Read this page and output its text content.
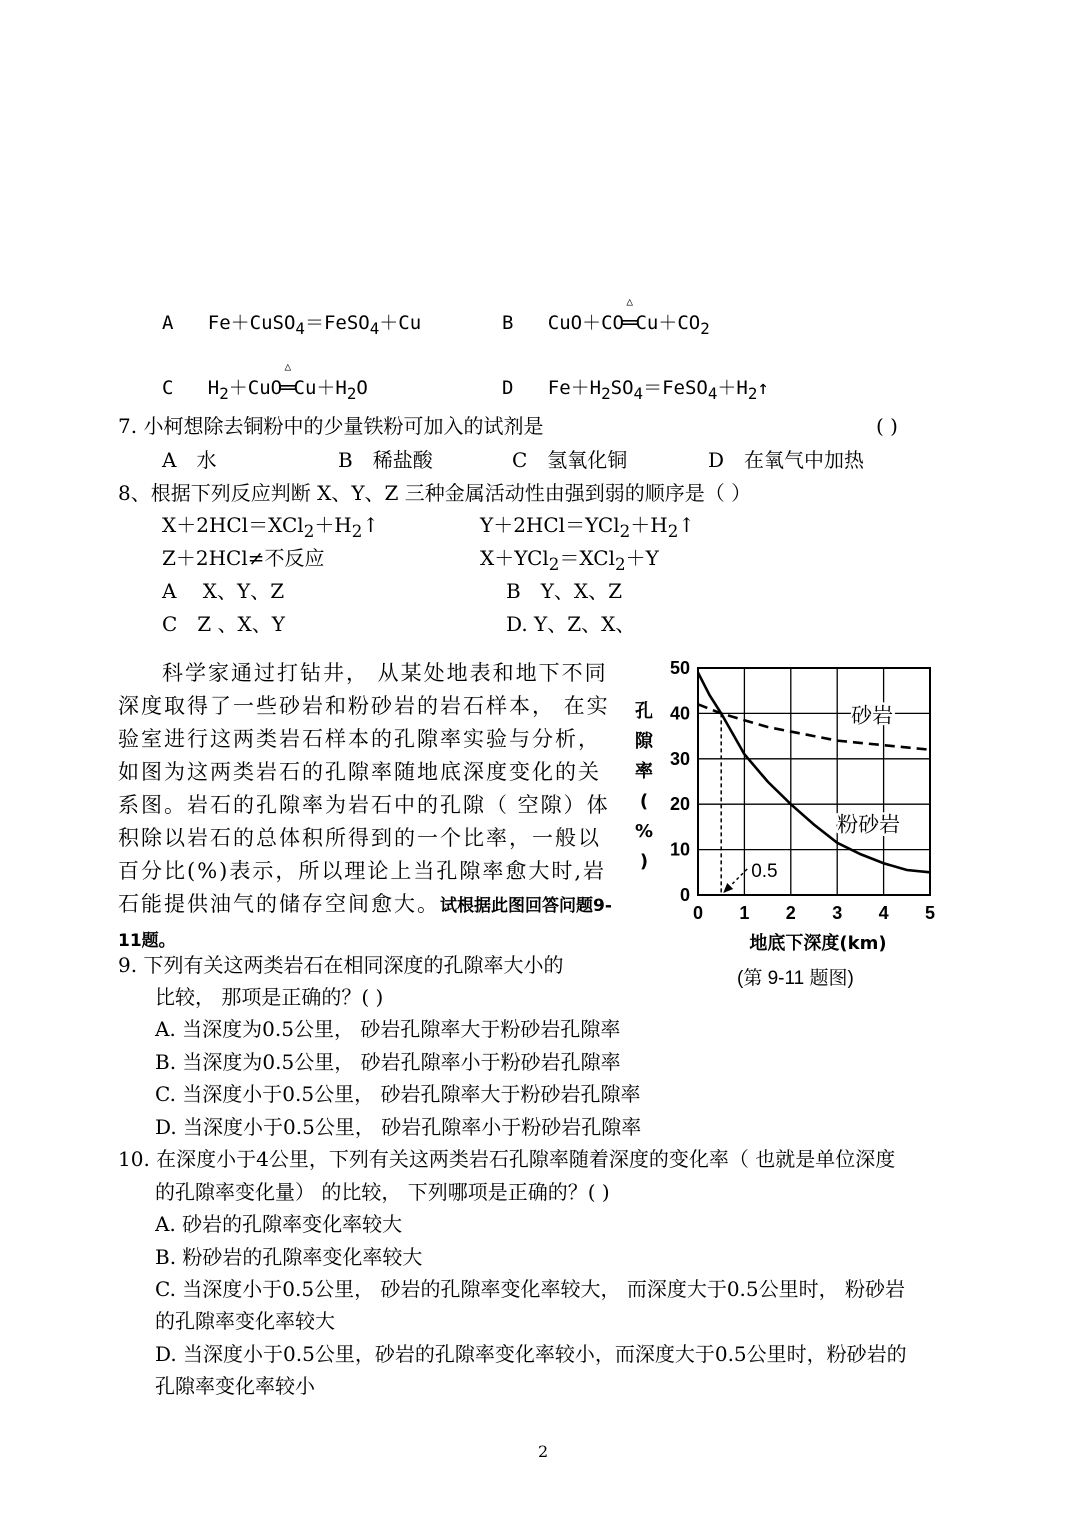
A Fe＋CuSO$_4$＝FeSO$_4$＋Cu	B CuO＋CO
△
$═Cu+CO_2$
C $H_2+CuO$
△
$═Cu+H_2O$	D $Fe+H_2SO_4=FeSO_4+H_2↑$
7. 小柯想除去铜粉中的少量铁粉可加入的试剂是	( )
A　水	B　稀盐酸	C　氢氧化铜	D　在氧气中加热
8、根据下列反应判断 X、Y、Z 三种金属活动性由强到弱的顺序是（ ）
$X+2HCl=XCl_2+H_2↑$	$Y+2HCl=YCl_2+H_2↑$
Z＋2HCl≠不反应	X＋YCl$_2$＝XCl$_2$＋Y
A　 X、Y、Z	B　Y、X、Z
C　Z 、X、Y	D. Y、Z、X、
科学家通过打钻井， 从某处地表和地下不同深度取得了一些砂岩和粉砂岩的岩石样本， 在实验室进行这两类岩石样本的孔隙率实验与分析， 如图为这两类岩石的孔隙率随地底深度变化的关系图。岩石的孔隙率为岩石中的孔隙（ 空隙）体积除以岩石的总体积所得到的一个比率，一般以百分比(%)表示，所以理论上当孔隙率愈大时,岩石能提供油气的储存空间愈大。试根据此图回答问题9-11题。
0 1 2 3 4 5
0
10
20
30
40
50
0.5
砂岩
粉砂岩
地底下深度(km)
孔隙率( % )
(第 9-11 题图)
9. 下列有关这两类岩石在相同深度的孔隙率大小的
比较， 那项是正确的？( )
A. 当深度为0.5公里， 砂岩孔隙率大于粉砂岩孔隙率
B. 当深度为0.5公里， 砂岩孔隙率小于粉砂岩孔隙率
C. 当深度小于0.5公里， 砂岩孔隙率大于粉砂岩孔隙率
D. 当深度小于0.5公里， 砂岩孔隙率小于粉砂岩孔隙率
10. 在深度小于4公里，下列有关这两类岩石孔隙率随着深度的变化率（ 也就是单位深度
的孔隙率变化量） 的比较， 下列哪项是正确的？( )
A. 砂岩的孔隙率变化率较大
B. 粉砂岩的孔隙率变化率较大
C. 当深度小于0.5公里， 砂岩的孔隙率变化率较大， 而深度大于0.5公里时， 粉砂岩
的孔隙率变化率较大
D. 当深度小于0.5公里，砂岩的孔隙率变化率较小，而深度大于0.5公里时，粉砂岩的
孔隙率变化率较小
2
